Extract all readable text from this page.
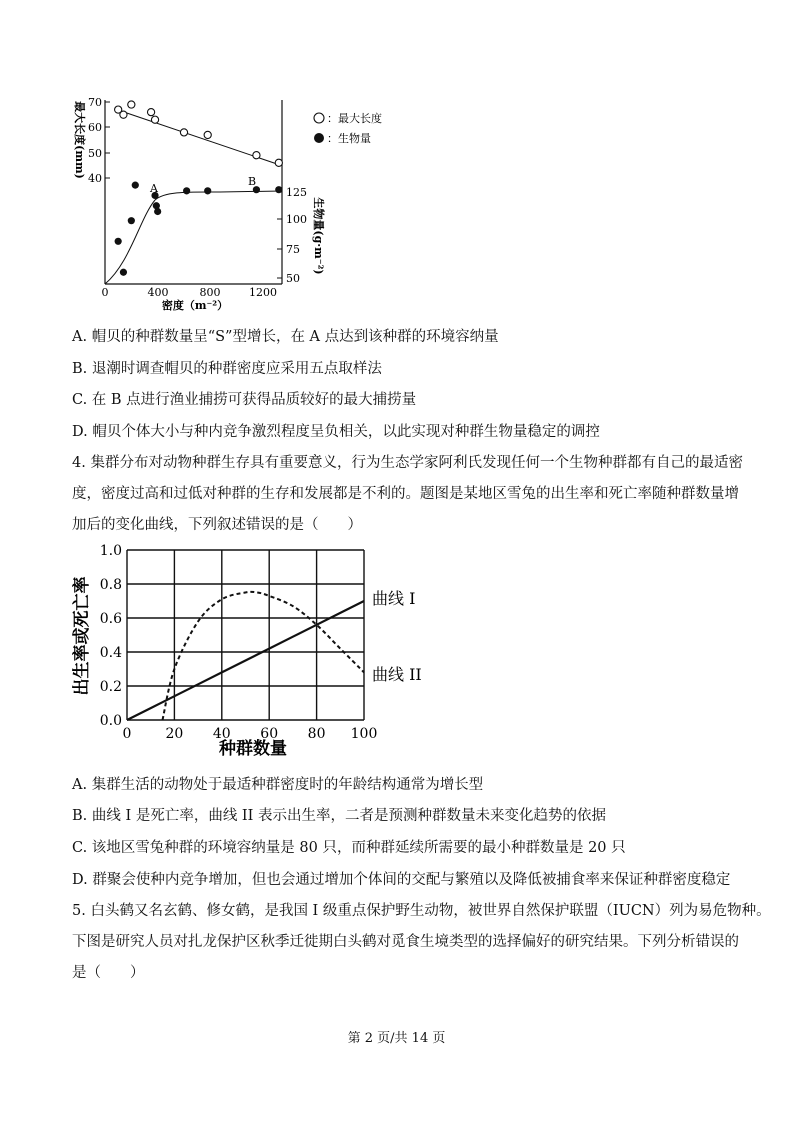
70
60
50
40
最大长度(mm)
125
100
75
50
生物量(g·m⁻²)
0	400	800	1200
密度（m⁻²）
A
B
：最大长度
：生物量
A. 帽贝的种群数量呈“S”型增长，在 A 点达到该种群的环境容纳量
B. 退潮时调查帽贝的种群密度应采用五点取样法
C. 在 B 点进行渔业捕捞可获得品质较好的最大捕捞量
D. 帽贝个体大小与种内竞争激烈程度呈负相关，以此实现对种群生物量稳定的调控
4. 集群分布对动物种群生存具有重要意义，行为生态学家阿利氏发现任何一个生物种群都有自己的最适密
度，密度过高和过低对种群的生存和发展都是不利的。题图是某地区雪兔的出生率和死亡率随种群数量增
加后的变化曲线，下列叙述错误的是（　　）
出生率或死亡率
1.0
0.8
0.6
0.4
0.2
0.0
0 20 40 60 80 100
种群数量
曲线 I
曲线 II
A. 集群生活的动物处于最适种群密度时的年龄结构通常为增长型
B. 曲线 I 是死亡率，曲线 II 表示出生率，二者是预测种群数量未来变化趋势的依据
C. 该地区雪兔种群的环境容纳量是 80 只，而种群延续所需要的最小种群数量是 20 只
D. 群聚会使种内竞争增加，但也会通过增加个体间的交配与繁殖以及降低被捕食率来保证种群密度稳定
5. 白头鹤又名玄鹤、修女鹤，是我国 I 级重点保护野生动物，被世界自然保护联盟（IUCN）列为易危物种。
下图是研究人员对扎龙保护区秋季迁徙期白头鹤对觅食生境类型的选择偏好的研究结果。下列分析错误的
是（　　）
第 2 页/共 14 页
